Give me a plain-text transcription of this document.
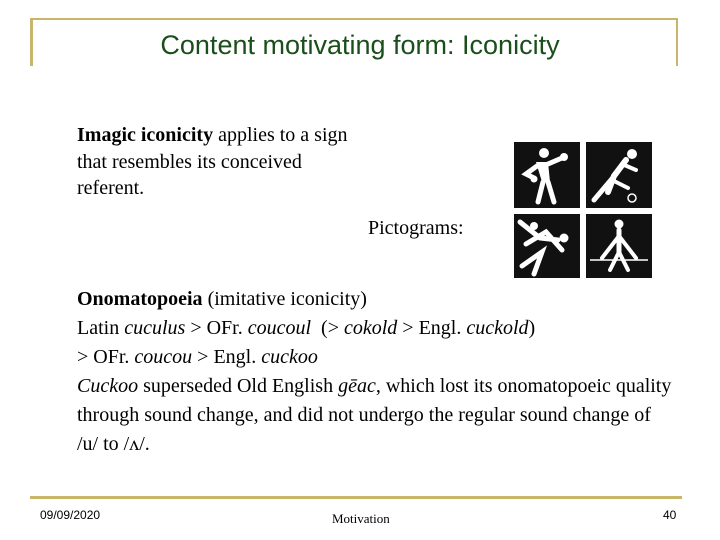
Content motivating form: Iconicity
Imagic iconicity applies to a sign that resembles its conceived referent.
Pictograms:
Onomatopoeia (imitative iconicity)
Latin cuculus > OFr. coucoul  (> cokold > Engl. cuckold)
> OFr. coucou > Engl. cuckoo
Cuckoo superseded Old English gēac, which lost its onomatopoeic quality through sound change, and did not undergo the regular sound change of /u/ to /ʌ/.
09/09/2020	Motivation	40
